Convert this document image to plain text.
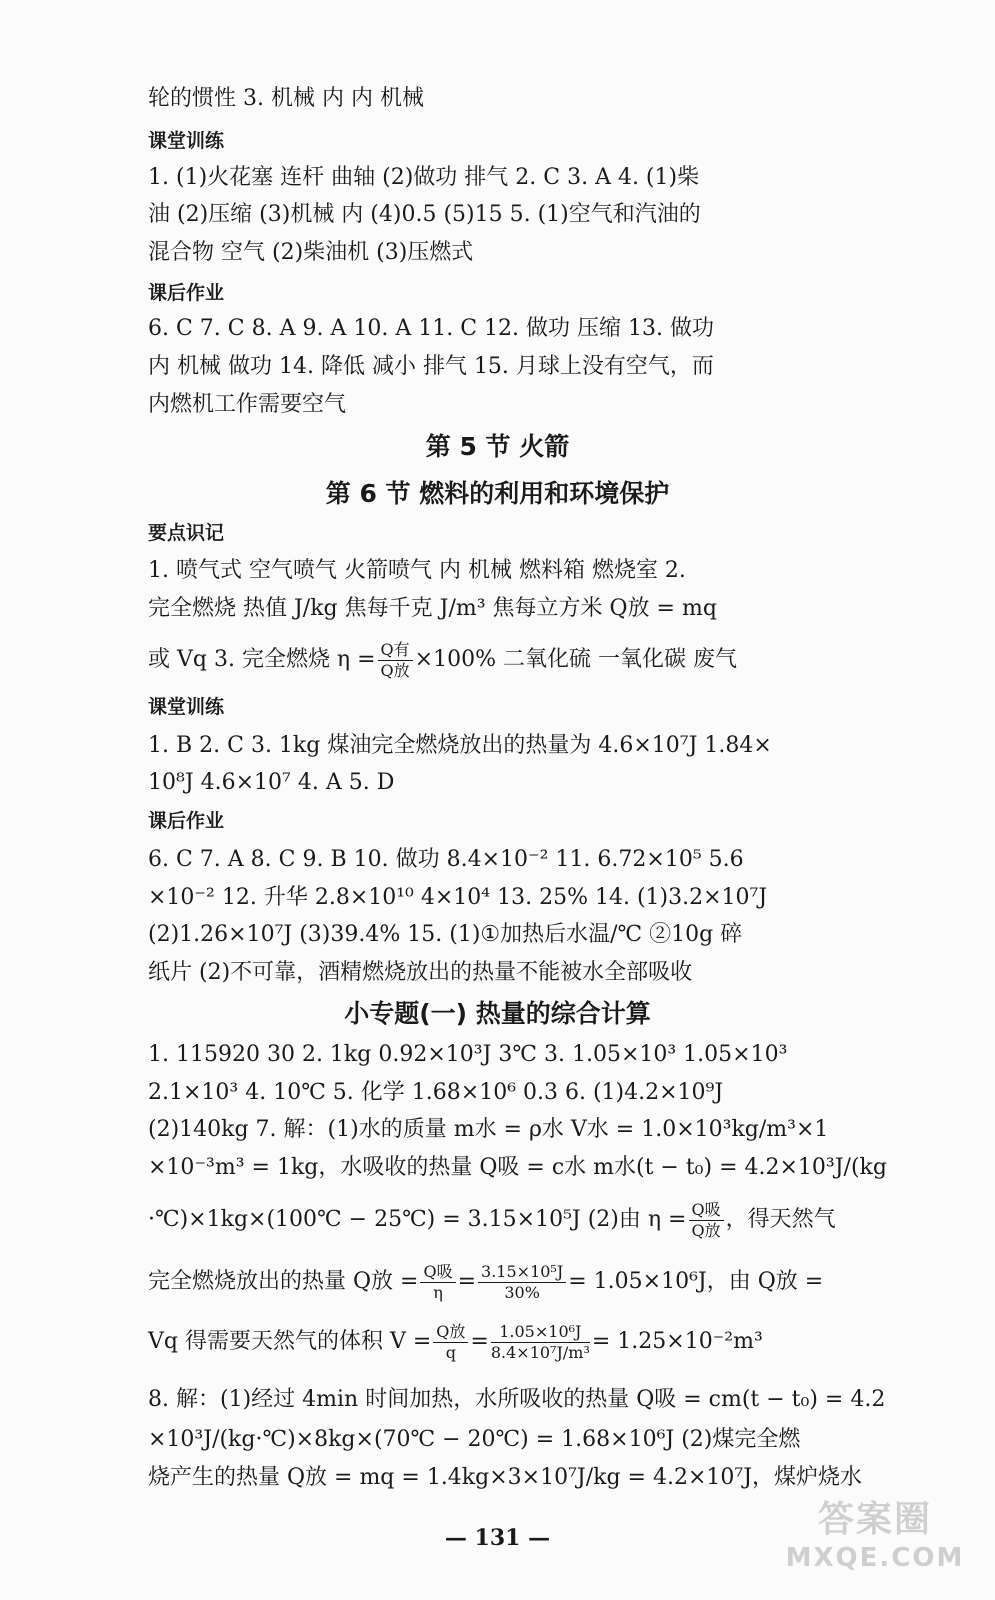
轮的惯性 3. 机械 内 内 机械
课堂训练
1. (1)火花塞 连杆 曲轴 (2)做功 排气 2. C 3. A 4. (1)柴
油 (2)压缩 (3)机械 内 (4)0.5 (5)15 5. (1)空气和汽油的
混合物 空气 (2)柴油机 (3)压燃式
课后作业
6. C 7. C 8. A 9. A 10. A 11. C 12. 做功 压缩 13. 做功
内 机械 做功 14. 降低 减小 排气 15. 月球上没有空气，而
内燃机工作需要空气
第 5 节 火箭
第 6 节 燃料的利用和环境保护
要点识记
1. 喷气式 空气喷气 火箭喷气 内 机械 燃料箱 燃烧室 2.
完全燃烧 热值 J/kg 焦每千克 J/m³ 焦每立方米 Q放 = mq
或 Vq 3. 完全燃烧 $\eta = \frac{\text{Q有}}{\text{Q放}} \times 100\%$ 二氧化硫 一氧化碳 废气
课堂训练
1. B 2. C 3. 1kg 煤油完全燃烧放出的热量为 4.6×10⁷J 1.84×
10⁸J 4.6×10⁷ 4. A 5. D
课后作业
6. C 7. A 8. C 9. B 10. 做功 8.4×10⁻² 11. 6.72×10⁵ 5.6
×10⁻² 12. 升华 2.8×10¹⁰ 4×10⁴ 13. 25% 14. (1)3.2×10⁷J
(2)1.26×10⁷J (3)39.4% 15. (1)①加热后水温/℃ ②10g 碎
纸片 (2)不可靠，酒精燃烧放出的热量不能被水全部吸收
小专题(一) 热量的综合计算
1. 115920 30 2. 1kg 0.92×10³J 3℃ 3. 1.05×10³ 1.05×10³
2.1×10³ 4. 10℃ 5. 化学 1.68×10⁶ 0.3 6. (1)4.2×10⁹J
(2)140kg 7. 解：(1)水的质量 m水 = ρ水 V水 = 1.0×10³kg/m³×1
×10⁻³m³ = 1kg，水吸收的热量 Q吸 = c水 m水(t − t₀) = 4.2×10³J/(kg
·℃)×1kg×(100℃ − 25℃) = 3.15×10⁵J (2)由 $\eta = \frac{\text{Q吸}}{\text{Q放}}$ ，得天然气
完全燃烧放出的热量 Q放 = $\frac{\text{Q吸}}{\eta} = \frac{\text{3.15×10⁵J}}{30\%} = 1.05\times 10^6J$，由 Q放 =
Vq 得需要天然气的体积 $V = \frac{\text{Q放}}{q} = \frac{\text{1.05×10⁶J}}{\text{8.4×10⁷J/m³}} = 1.25\times 10^{-2}m^3$
8. 解：(1)经过 4min 时间加热，水所吸收的热量 Q吸 = cm(t − t₀) = 4.2
×10³J/(kg·℃)×8kg×(70℃ − 20℃) = 1.68×10⁶J (2)煤完全燃
烧产生的热量 Q放 = mq = 1.4kg×3×10⁷J/kg = 4.2×10⁷J，煤炉烧水
— 131 —	答案圈
MXQE.COM
